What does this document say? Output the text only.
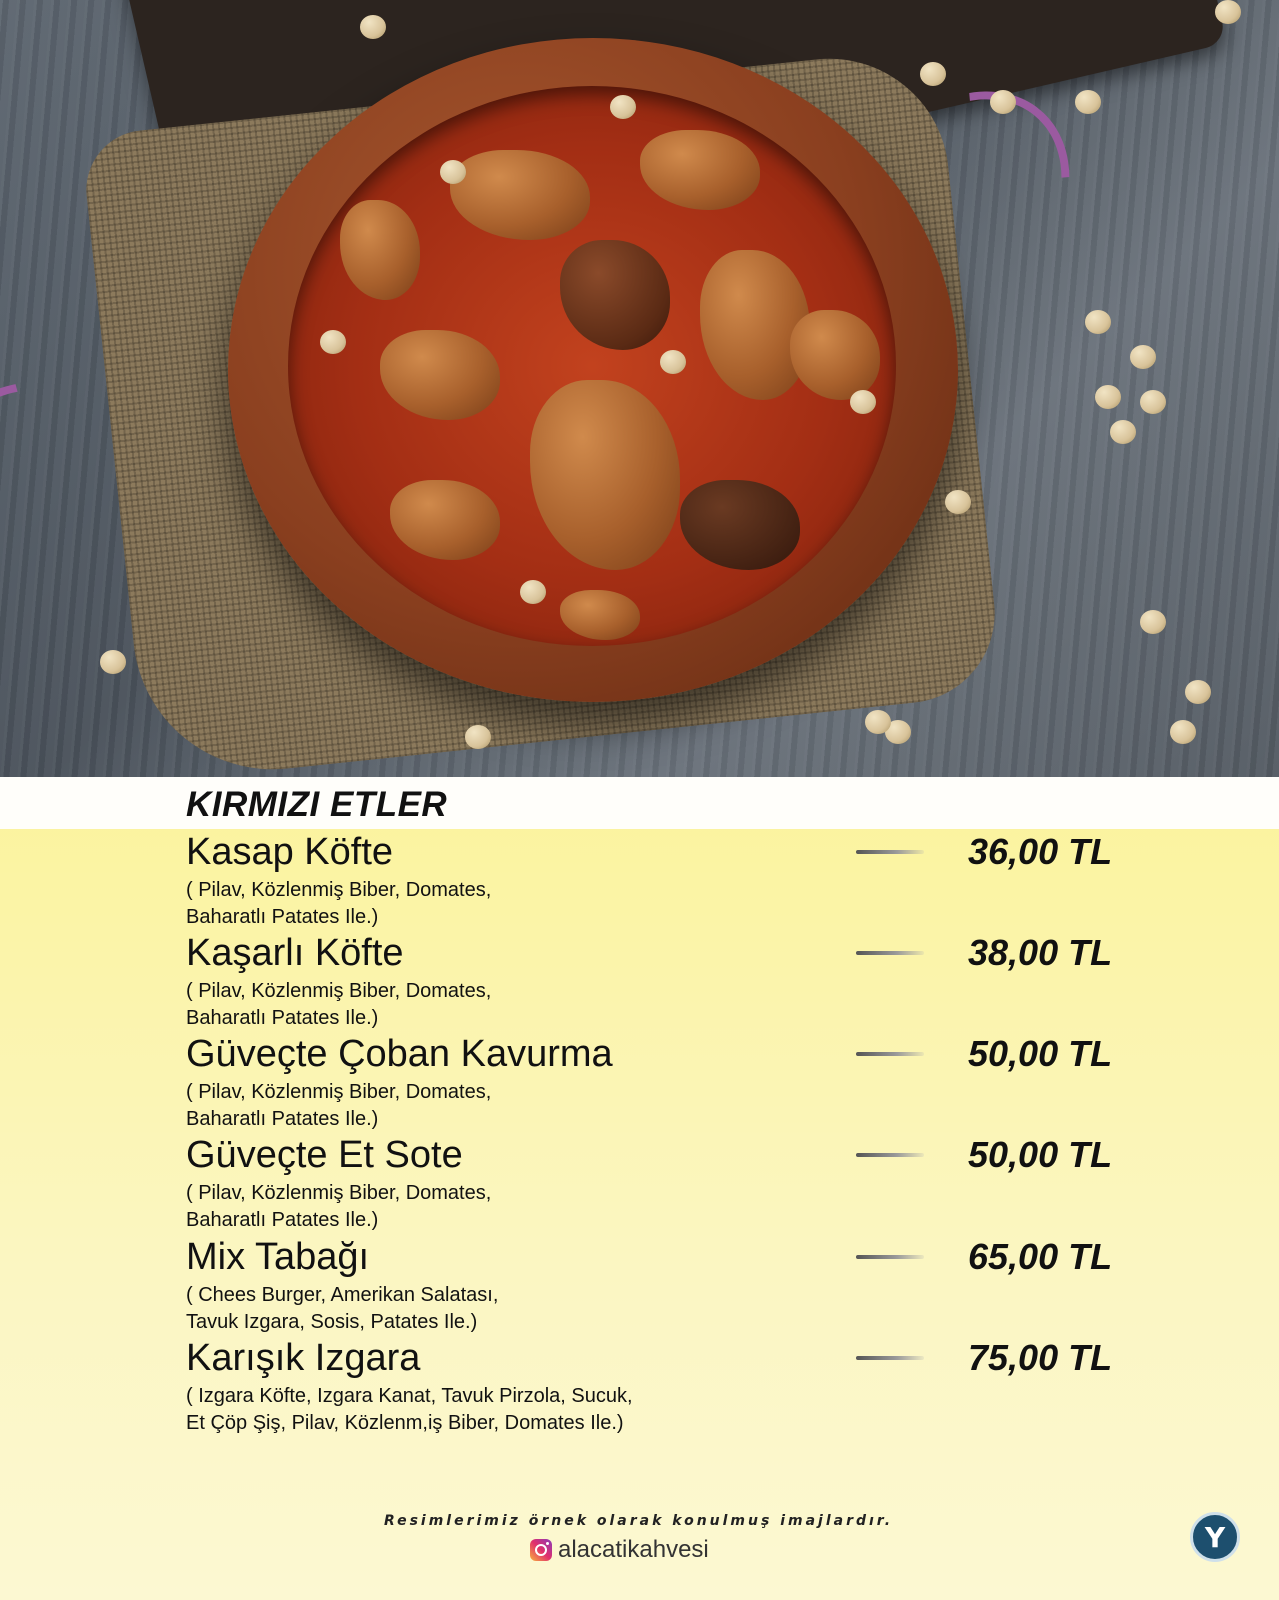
KIRMIZI ETLER
Kasap Köfte
( Pilav, Közlenmiş Biber, Domates,
Baharatlı Patates Ile.)
36,00 TL
Kaşarlı Köfte
( Pilav, Közlenmiş Biber, Domates,
Baharatlı Patates Ile.)
38,00 TL
Güveçte Çoban Kavurma
( Pilav, Közlenmiş Biber, Domates,
Baharatlı Patates Ile.)
50,00 TL
Güveçte Et Sote
( Pilav, Közlenmiş Biber, Domates,
Baharatlı Patates Ile.)
50,00 TL
Mix Tabağı
( Chees Burger, Amerikan Salatası,
Tavuk Izgara, Sosis, Patates Ile.)
65,00 TL
Karışık Izgara
( Izgara Köfte, Izgara Kanat, Tavuk Pirzola, Sucuk,
Et Çöp Şiş, Pilav, Közlenm,iş Biber, Domates Ile.)
75,00 TL
Resimlerimiz örnek olarak konulmuş imajlardır.
alacatikahvesi	Y
